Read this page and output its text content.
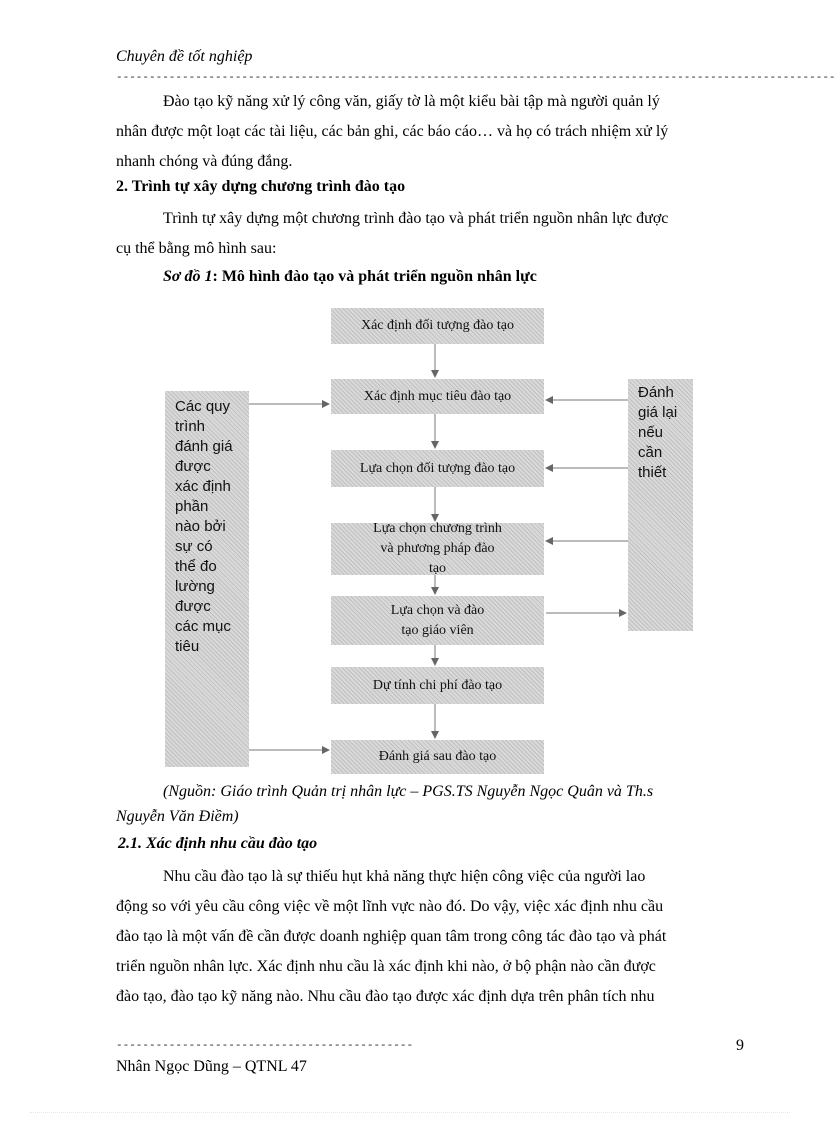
Chuyên đề tốt nghiệp
-------------------------------------------------------------------------------------------------------------
Đào tạo kỹ năng xử lý công văn, giấy tờ là một kiểu bài tập mà người quản lý
nhân được một loạt các tài liệu, các bản ghi, các báo cáo… và họ có trách nhiệm xử lý
nhanh chóng và đúng đắng.
2. Trình tự xây dựng chương trình đào tạo
Trình tự xây dựng một chương trình đào tạo và phát triển nguồn nhân lực được
cụ thể bằng mô hình sau:
Sơ đồ 1: Mô hình đào tạo và phát triển nguồn nhân lực
Xác định đối tượng đào tạo
Xác định mục tiêu đào tạo
Lựa chọn đối tượng đào tạo
Lựa chọn chương trình và phương pháp đào tạo
Lựa chọn và đào tạo giáo viên
Dự tính chi phí đào tạo
Đánh giá sau đào tạo
Các quy
trình
đánh giá
được
xác định
phần
nào bởi
sự có
thể đo
lường
được
các mục
tiêu
Đánh
giá lại
nếu
cần
thiết
(Nguồn: Giáo trình Quản trị nhân lực – PGS.TS Nguyễn Ngọc Quân và Th.s
Nguyễn Văn Điềm)
2.1. Xác định nhu cầu đào tạo
Nhu cầu đào tạo là sự thiếu hụt khả năng thực hiện công việc của người lao
động so với yêu cầu công việc về một lĩnh vực nào đó. Do vậy, việc xác định nhu cầu
đào tạo là một vấn đề cần được doanh nghiệp quan tâm trong công tác đào tạo và phát
triển nguồn nhân lực. Xác định nhu cầu là xác định khi nào, ở bộ phận nào cần được
đào tạo, đào tạo kỹ năng nào. Nhu cầu đào tạo được xác định dựa trên phân tích nhu
---------------------------------------------	9
Nhân Ngọc Dũng – QTNL 47
